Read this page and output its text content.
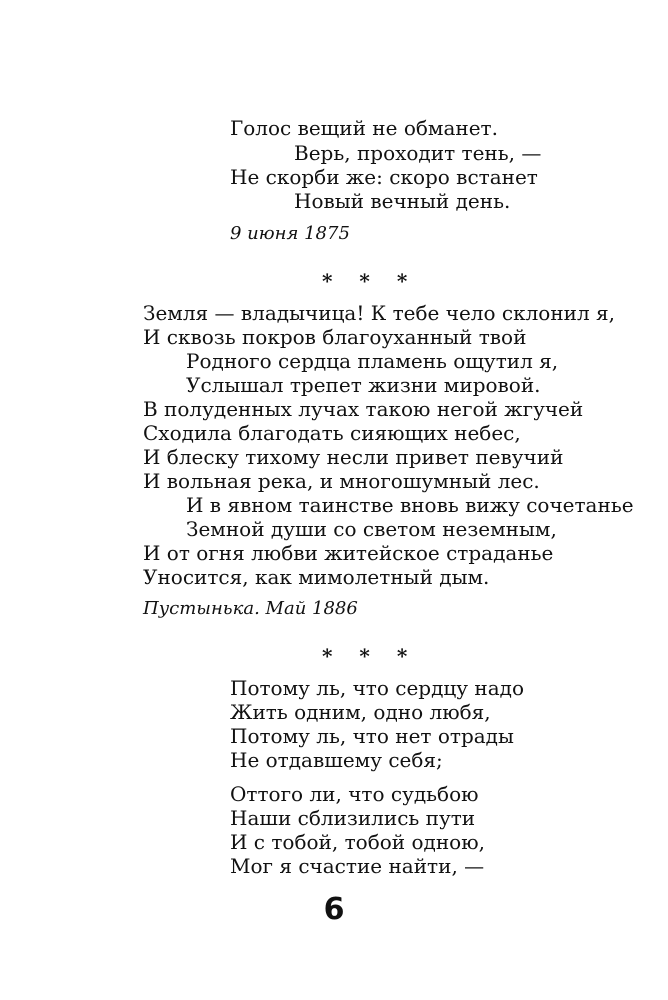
Голос вещий не обманет.
Верь, проходит тень, —
Не скорби же: скоро встанет
Новый вечный день.
9 июня 1875
* * *
Земля — владычица! К тебе чело склонил я,
И сквозь покров благоуханный твой
Родного сердца пламень ощутил я,
Услышал трепет жизни мировой.
В полуденных лучах такою негой жгучей
Сходила благодать сияющих небес,
И блеску тихому несли привет певучий
И вольная река, и многошумный лес.
И в явном таинстве вновь вижу сочетанье
Земной души со светом неземным,
И от огня любви житейское страданье
Уносится, как мимолетный дым.
Пустынька. Май 1886
* * *
Потому ль, что сердцу надо
Жить одним, одно любя,
Потому ль, что нет отрады
Не отдавшему себя;
Оттого ли, что судьбою
Наши сблизились пути
И с тобой, тобой одною,
Мог я счастие найти, —
6
